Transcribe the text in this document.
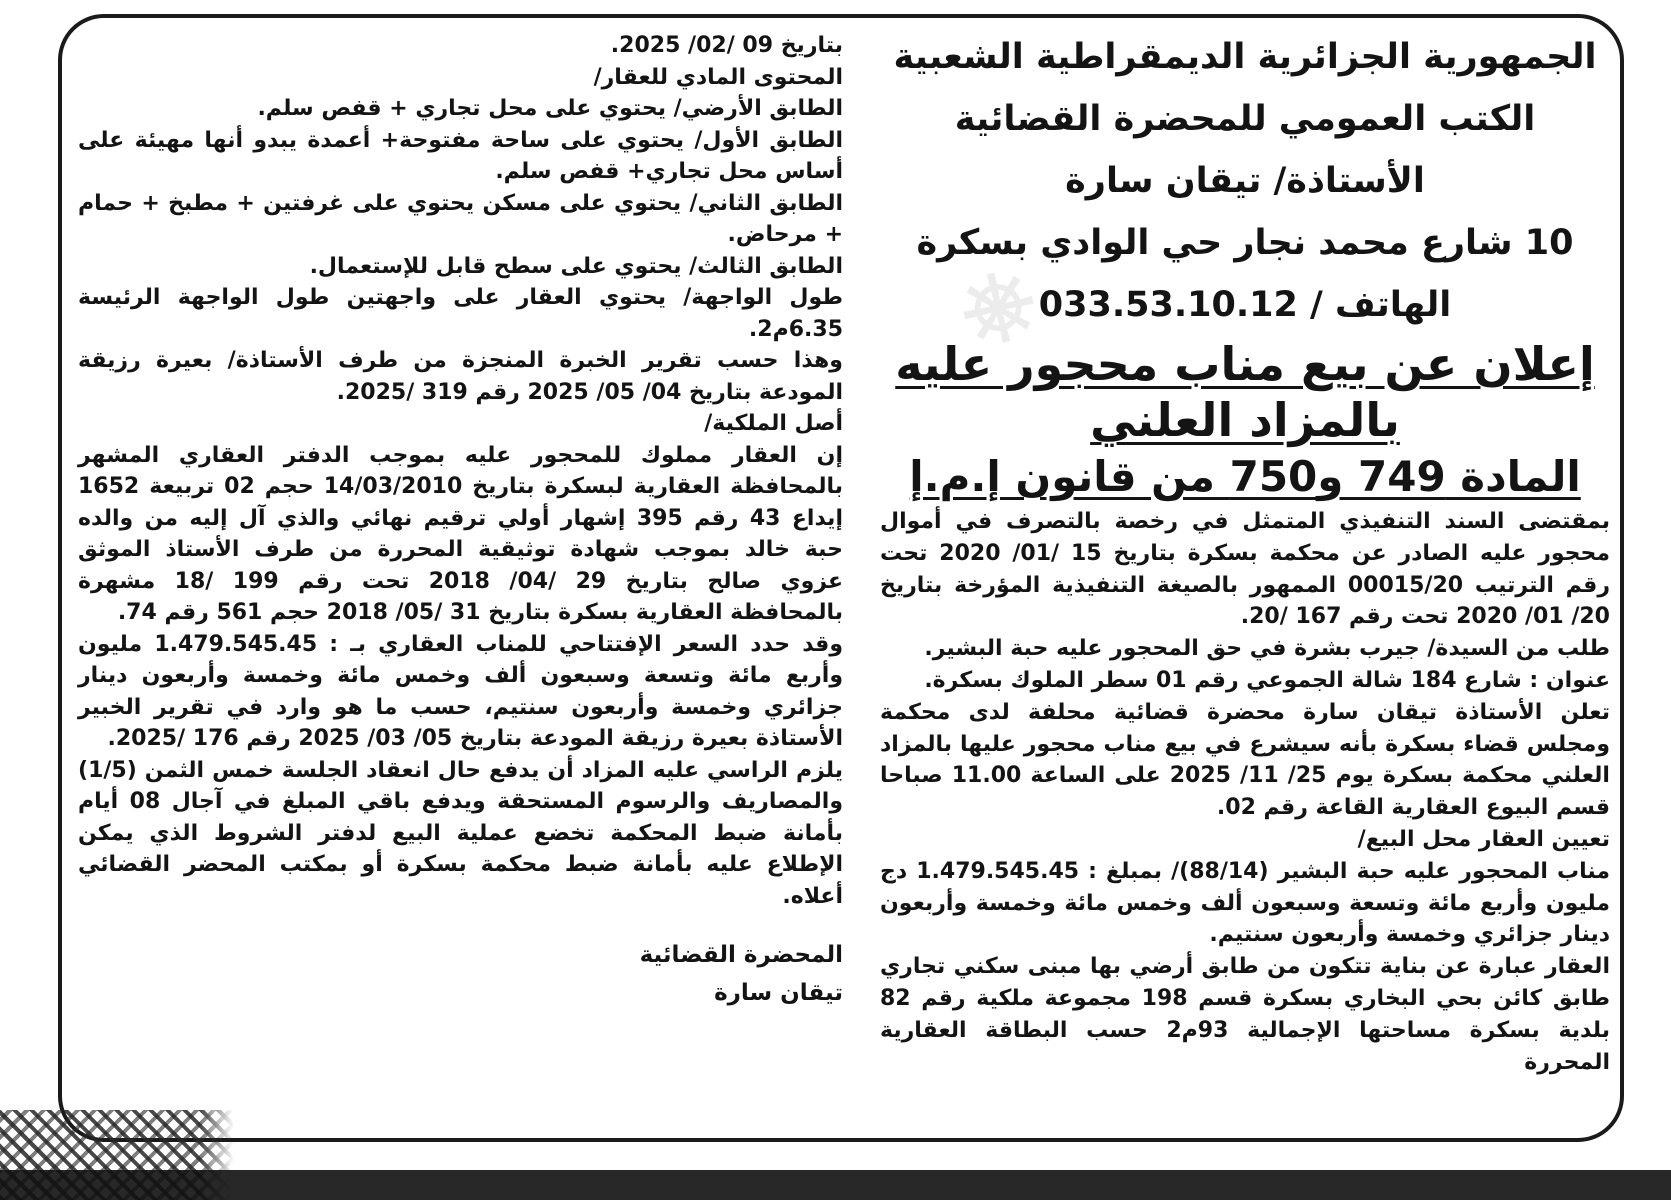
⎈

الجمهورية الجزائرية الديمقراطية الشعبية

الكتب العمومي للمحضرة القضائية

الأستاذة/ تيقان سارة

10 شارع محمد نجار حي الوادي بسكرة

الهاتف / 033.53.10.12

إعلان عن بيع مناب محجور عليه بالمزاد العلني

المادة 749 و750 من قانون إ.م.إ

بمقتضى السند التنفيذي المتمثل في رخصة بالتصرف في أموال محجور عليه الصادر عن محكمة بسكرة بتاريخ 15 /01/ 2020 تحت رقم الترتيب 00015/20 الممهور بالصيغة التنفيذية المؤرخة بتاريخ 20/ 01/ 2020 تحت رقم 167 /20.

طلب من السيدة/ جيرب بشرة في حق المحجور عليه حبة البشير.

عنوان : شارع 184 شالة الجموعي رقم 01 سطر الملوك بسكرة.

تعلن الأستاذة تيقان سارة محضرة قضائية محلفة لدى محكمة ومجلس قضاء بسكرة بأنه سيشرع في بيع مناب محجور عليها بالمزاد العلني محكمة بسكرة يوم 25/ 11/ 2025 على الساعة 11.00 صباحا قسم البيوع العقارية القاعة رقم 02.

تعيين العقار محل البيع/

مناب المحجور عليه حبة البشير (88/14)/ بمبلغ : 1.479.545.45 دج مليون وأربع مائة وتسعة وسبعون ألف وخمس مائة وخمسة وأربعون دينار جزائري وخمسة وأربعون سنتيم.

العقار عبارة عن بناية تتكون من طابق أرضي بها مبنى سكني تجاري طابق كائن بحي البخاري بسكرة قسم 198 مجموعة ملكية رقم 82 بلدية بسكرة مساحتها الإجمالية 93م2 حسب البطاقة العقارية المحررة

بتاريخ 09 /02/ 2025.

المحتوى المادي للعقار/

الطابق الأرضي/ يحتوي على محل تجاري + قفص سلم.

الطابق الأول/ يحتوي على ساحة مفتوحة+ أعمدة يبدو أنها مهيئة على أساس محل تجاري+ قفص سلم.

الطابق الثاني/ يحتوي على مسكن يحتوي على غرفتين + مطبخ + حمام + مرحاض.

الطابق الثالث/ يحتوي على سطح قابل للإستعمال.

طول الواجهة/ يحتوي العقار على واجهتين طول الواجهة الرئيسة 6.35م2.

وهذا حسب تقرير الخبرة المنجزة من طرف الأستاذة/ بعيرة رزيقة المودعة بتاريخ 04/ 05/ 2025 رقم 319 /2025.

أصل الملكية/

إن العقار مملوك للمحجور عليه بموجب الدفتر العقاري المشهر بالمحافظة العقارية لبسكرة بتاريخ 14/03/2010 حجم 02 تربيعة 1652 إيداع 43 رقم 395 إشهار أولي ترقيم نهائي والذي آل إليه من والده حبة خالد بموجب شهادة توثيقية المحررة من طرف الأستاذ الموثق عزوي صالح بتاريخ 29 /04/ 2018 تحت رقم 199 /18 مشهرة بالمحافظة العقارية بسكرة بتاريخ 31 /05/ 2018 حجم 561 رقم 74.

وقد حدد السعر الإفتتاحي للمناب العقاري بـ : 1.479.545.45 مليون وأربع مائة وتسعة وسبعون ألف وخمس مائة وخمسة وأربعون دينار جزائري وخمسة وأربعون سنتيم، حسب ما هو وارد في تقرير الخبير الأستاذة بعيرة رزيقة المودعة بتاريخ 05/ 03/ 2025 رقم 176 /2025.

يلزم الراسي عليه المزاد أن يدفع حال انعقاد الجلسة خمس الثمن (1/5) والمصاريف والرسوم المستحقة ويدفع باقي المبلغ في آجال 08 أيام بأمانة ضبط المحكمة تخضع عملية البيع لدفتر الشروط الذي يمكن الإطلاع عليه بأمانة ضبط محكمة بسكرة أو بمكتب المحضر القضائي أعلاه.

المحضرة القضائية

تيقان سارة
